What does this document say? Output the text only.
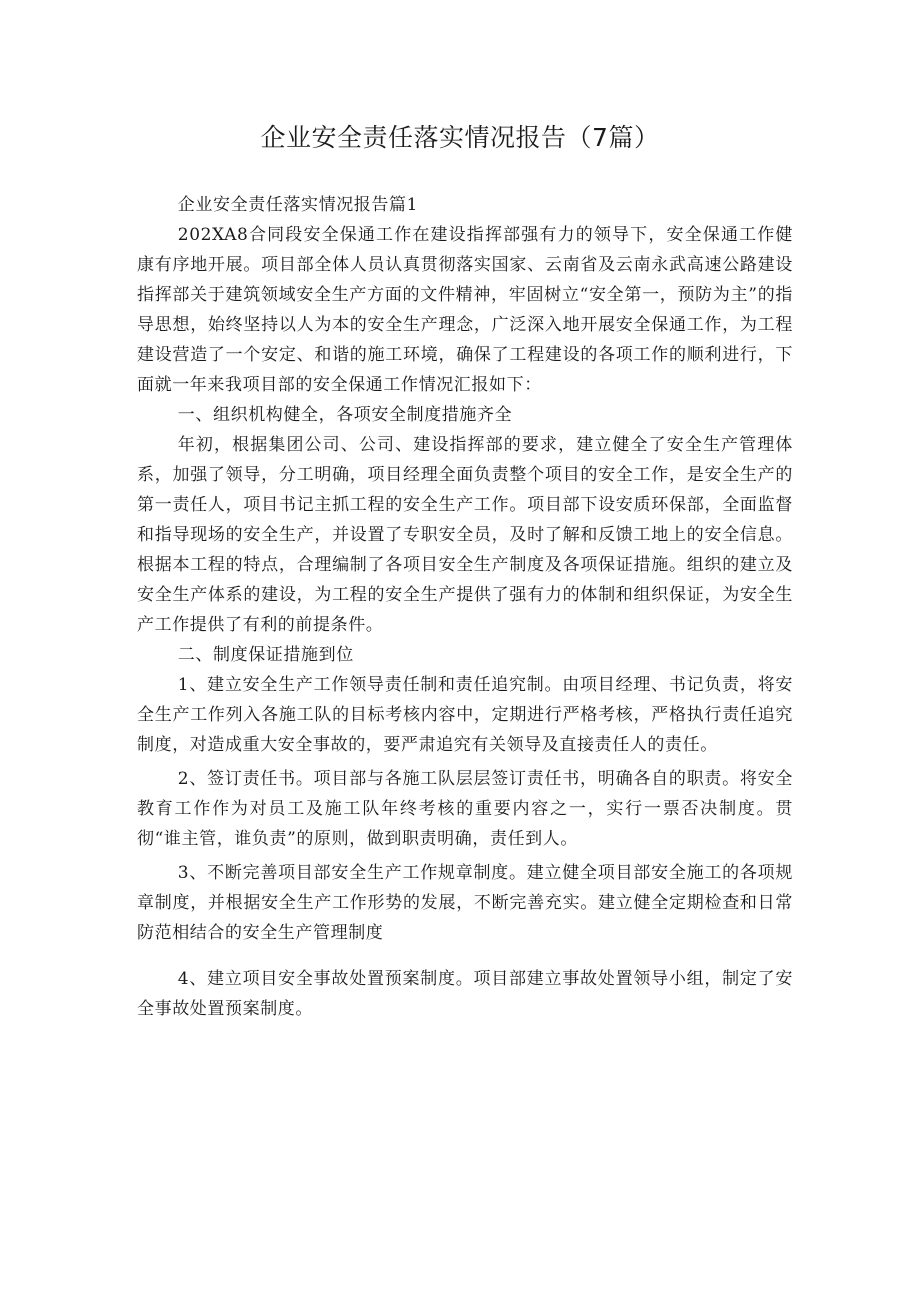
企业安全责任落实情况报告（7篇）

企业安全责任落实情况报告篇1

202XA8合同段安全保通工作在建设指挥部强有力的领导下，安全保通工作健康有序地开展。项目部全体人员认真贯彻落实国家、云南省及云南永武高速公路建设指挥部关于建筑领域安全生产方面的文件精神，牢固树立“安全第一，预防为主”的指导思想，始终坚持以人为本的安全生产理念，广泛深入地开展安全保通工作，为工程建设营造了一个安定、和谐的施工环境，确保了工程建设的各项工作的顺利进行，下面就一年来我项目部的安全保通工作情况汇报如下：

一、组织机构健全，各项安全制度措施齐全

年初，根据集团公司、公司、建设指挥部的要求，建立健全了安全生产管理体系，加强了领导，分工明确，项目经理全面负责整个项目的安全工作，是安全生产的第一责任人，项目书记主抓工程的安全生产工作。项目部下设安质环保部，全面监督和指导现场的安全生产，并设置了专职安全员，及时了解和反馈工地上的安全信息。根据本工程的特点，合理编制了各项目安全生产制度及各项保证措施。组织的建立及安全生产体系的建设，为工程的安全生产提供了强有力的体制和组织保证，为安全生产工作提供了有利的前提条件。

二、制度保证措施到位

1、建立安全生产工作领导责任制和责任追究制。由项目经理、书记负责，将安全生产工作列入各施工队的目标考核内容中，定期进行严格考核，严格执行责任追究制度，对造成重大安全事故的，要严肃追究有关领导及直接责任人的责任。

2、签订责任书。项目部与各施工队层层签订责任书，明确各自的职责。将安全教育工作作为对员工及施工队年终考核的重要内容之一，实行一票否决制度。贯彻“谁主管，谁负责”的原则，做到职责明确，责任到人。

3、不断完善项目部安全生产工作规章制度。建立健全项目部安全施工的各项规章制度，并根据安全生产工作形势的发展，不断完善充实。建立健全定期检查和日常防范相结合的安全生产管理制度

4、建立项目安全事故处置预案制度。项目部建立事故处置领导小组，制定了安全事故处置预案制度。
